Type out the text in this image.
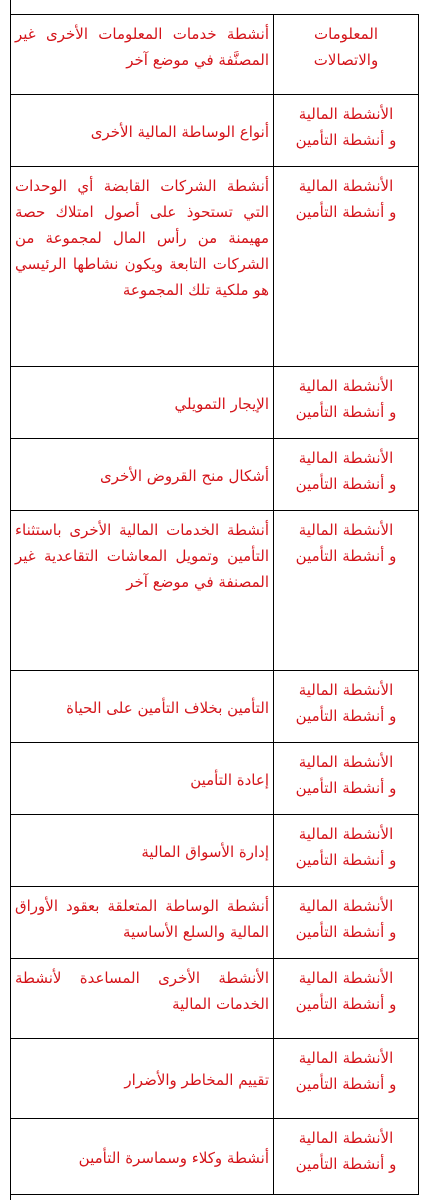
المعلومات
والاتصالات	أنشطة خدمات المعلومات الأخرى غير المصنَّفة في موضع آخر

الأنشطة المالية
و أنشطة التأمين	أنواع الوساطة المالية الأخرى

الأنشطة المالية
و أنشطة التأمين	أنشطة الشركات القابضة أي الوحدات التي تستحوذ على أصول امتلاك حصة مهيمنة من رأس المال لمجموعة من الشركات التابعة ويكون نشاطها الرئيسي هو ملكية تلك المجموعة

الأنشطة المالية
و أنشطة التأمين	الإيجار التمويلي

الأنشطة المالية
و أنشطة التأمين	أشكال منح القروض الأخرى

الأنشطة المالية
و أنشطة التأمين	أنشطة الخدمات المالية الأخرى باستثناء التأمين وتمويل المعاشات التقاعدية غير المصنفة في موضع آخر

الأنشطة المالية
و أنشطة التأمين	التأمين بخلاف التأمين على الحياة

الأنشطة المالية
و أنشطة التأمين	إعادة التأمين

الأنشطة المالية
و أنشطة التأمين	إدارة الأسواق المالية

الأنشطة المالية
و أنشطة التأمين	أنشطة الوساطة المتعلقة بعقود الأوراق المالية والسلع الأساسية

الأنشطة المالية
و أنشطة التأمين	الأنشطة الأخرى المساعدة لأنشطة الخدمات المالية

الأنشطة المالية
و أنشطة التأمين	تقييم المخاطر والأضرار

الأنشطة المالية
و أنشطة التأمين	أنشطة وكلاء وسماسرة التأمين
